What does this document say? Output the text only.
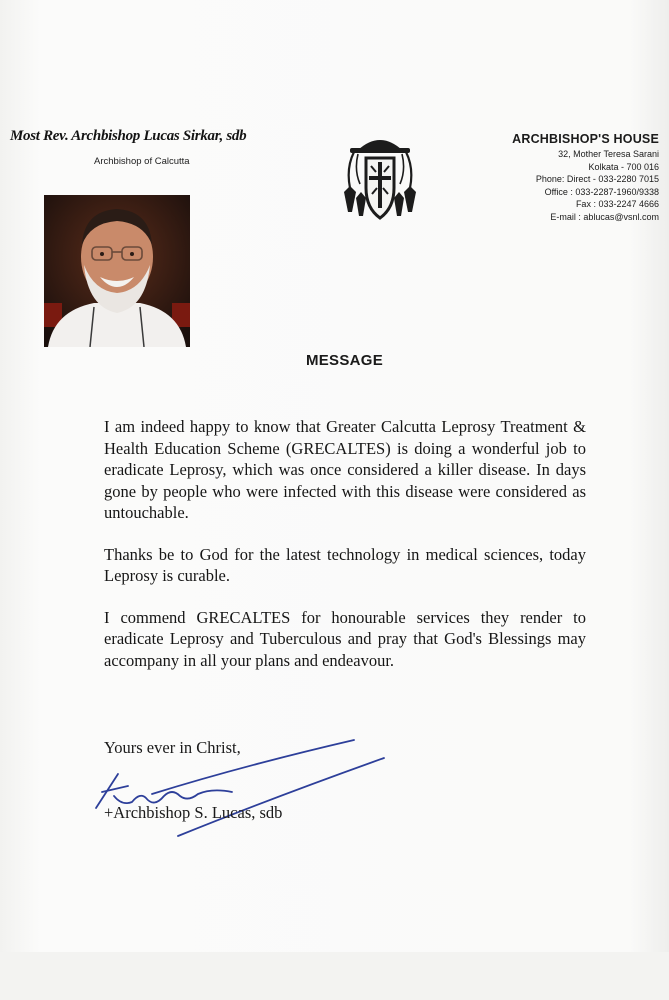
Most Rev. Archbishop Lucas Sirkar, sdb
Archbishop of Calcutta
ARCHBISHOP'S HOUSE
32, Mother Teresa Sarani
Kolkata - 700 016
Phone: Direct - 033-2280 7015
Office : 033-2287-1960/9338
Fax : 033-2247 4666
E-mail : ablucas@vsnl.com
MESSAGE

I am indeed happy to know that Greater Calcutta Leprosy Treatment & Health Education Scheme (GRECALTES) is doing a wonderful job to eradicate Leprosy, which was once considered a killer disease. In days gone by people who were infected with this disease were considered as untouchable.

Thanks be to God for the latest technology in medical sciences, today Leprosy is curable.

I commend GRECALTES for honourable services they render to eradicate Leprosy and Tuberculous and pray that God's Blessings may accompany in all your plans and endeavour.

Yours ever in Christ,
+Archbishop S. Lucas, sdb
